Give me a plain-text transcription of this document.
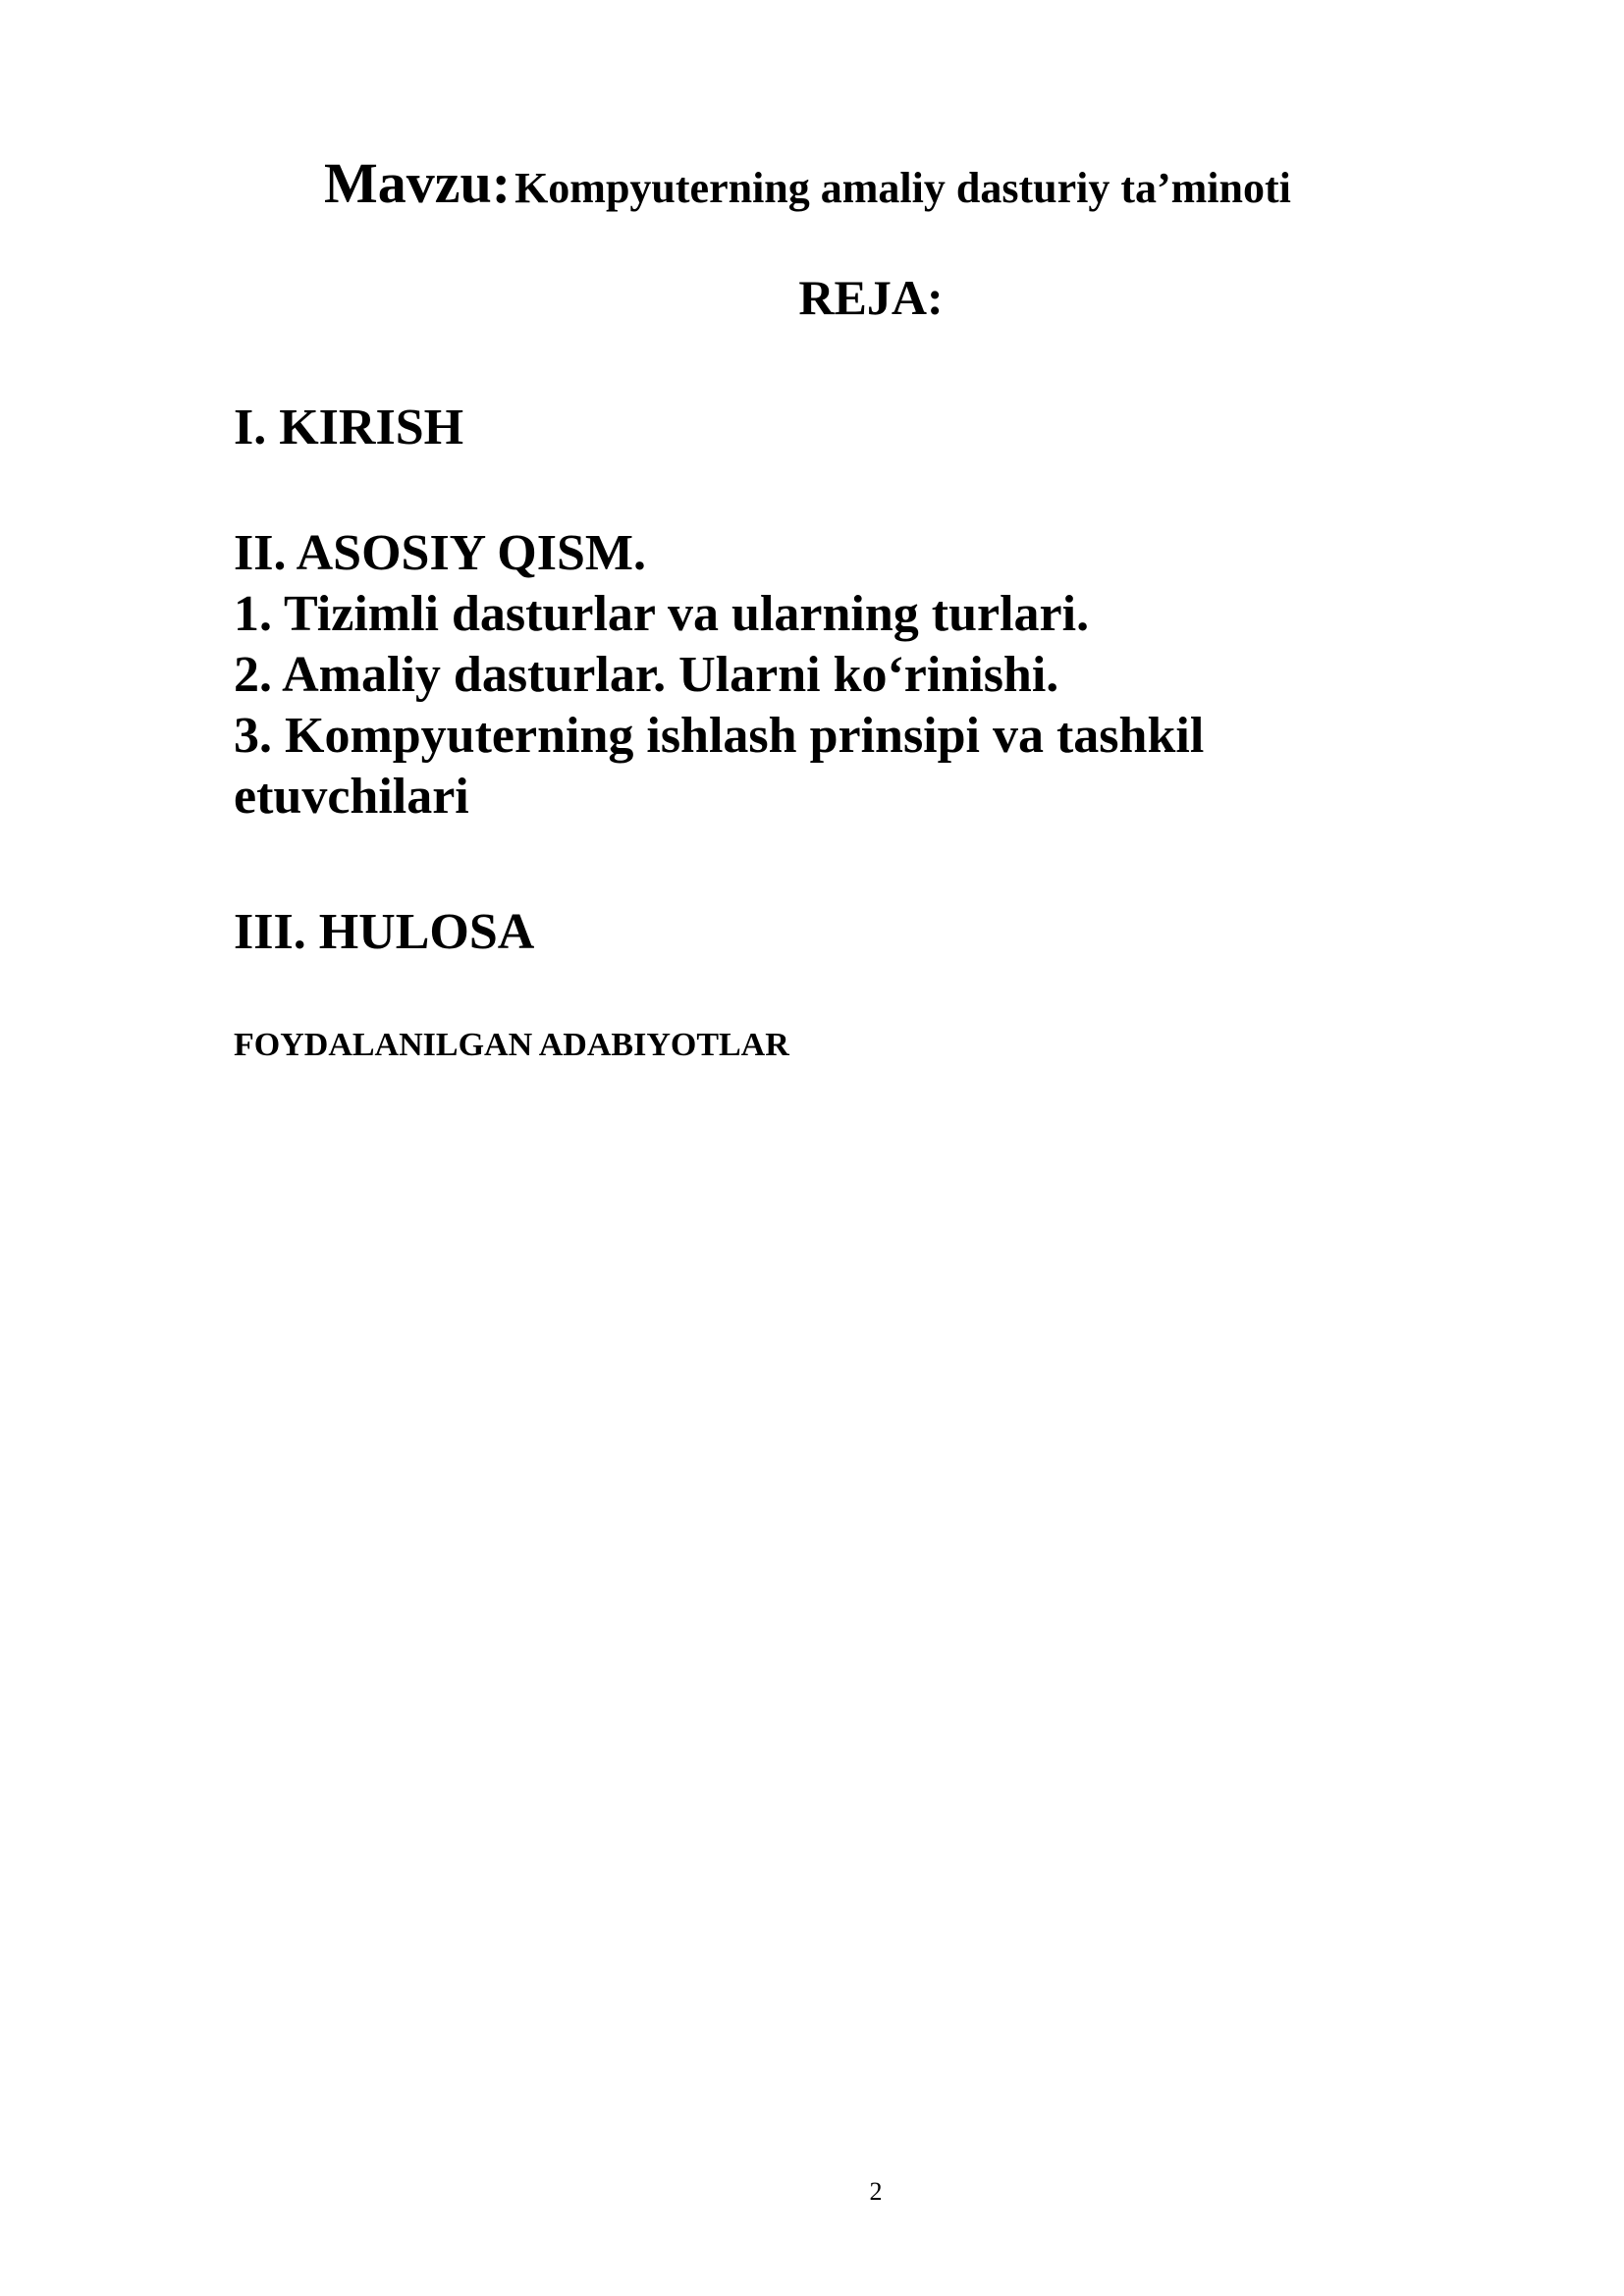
Mavzu: Kompyuterning amaliy dasturiy ta’minoti
REJA:
I. KIRISH
II. ASOSIY QISM.
1. Tizimli dasturlar va ularning turlari.
2. Amaliy dasturlar. Ularni ko‘rinishi.
3. Kompyuterning ishlash prinsipi va tashkil
etuvchilari
III. HULOSA
FOYDALANILGAN ADABIYOTLAR
2
